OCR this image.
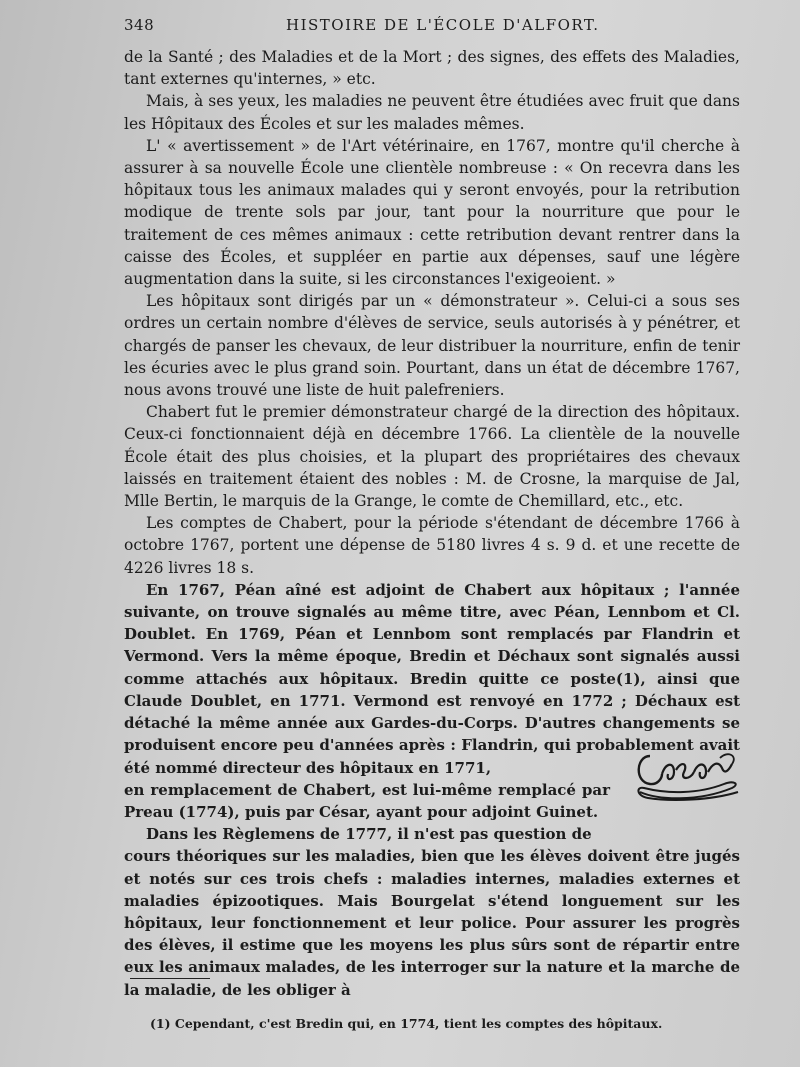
348	HISTOIRE DE L'ÉCOLE D'ALFORT.

de la Santé ; des Maladies et de la Mort ; des signes, des effets des Maladies, tant externes qu'internes, » etc.

Mais, à ses yeux, les maladies ne peuvent être étudiées avec fruit que dans les Hôpitaux des Écoles et sur les malades mêmes.

L' « avertissement » de l'Art vétérinaire, en 1767, montre qu'il cherche à assurer à sa nouvelle École une clientèle nombreuse : « On recevra dans les hôpitaux tous les animaux malades qui y seront envoyés, pour la retribution modique de trente sols par jour, tant pour la nourriture que pour le traitement de ces mêmes animaux : cette retribution devant rentrer dans la caisse des Écoles, et suppléer en partie aux dépenses, sauf une légère augmentation dans la suite, si les circonstances l'exigeoient. »

Les hôpitaux sont dirigés par un « démonstrateur ». Celui-ci a sous ses ordres un certain nombre d'élèves de service, seuls autorisés à y pénétrer, et chargés de panser les chevaux, de leur distribuer la nourriture, enfin de tenir les écuries avec le plus grand soin. Pourtant, dans un état de décembre 1767, nous avons trouvé une liste de huit palefreniers.

Chabert fut le premier démonstrateur chargé de la direction des hôpitaux. Ceux-ci fonctionnaient déjà en décembre 1766. La clientèle de la nouvelle École était des plus choisies, et la plupart des propriétaires des chevaux laissés en traitement étaient des nobles : M. de Crosne, la marquise de Jal, Mlle Bertin, le marquis de la Grange, le comte de Chemillard, etc., etc.

Les comptes de Chabert, pour la période s'étendant de décembre 1766 à octobre 1767, portent une dépense de 5180 livres 4 s. 9 d. et une recette de 4226 livres 18 s.

En 1767, Péan aîné est adjoint de Chabert aux hôpitaux ; l'année suivante, on trouve signalés au même titre, avec Péan, Lennbom et Cl. Doublet. En 1769, Péan et Lennbom sont remplacés par Flandrin et Vermond. Vers la même époque, Bredin et Déchaux sont signalés aussi comme attachés aux hôpitaux. Bredin quitte ce poste(1), ainsi que Claude Doublet, en 1771. Vermond est renvoyé en 1772 ; Déchaux est détaché la même année aux Gardes-du-Corps. D'autres changements se produisent encore peu d'années après : Flandrin, qui probablement avait été nommé directeur des hôpitaux en 1771,

en remplacement de Chabert, est lui-même remplacé par Preau (1774), puis par César, ayant pour adjoint Guinet.

Dans les Règlemens de 1777, il n'est pas question de

cours théoriques sur les maladies, bien que les élèves doivent être jugés et notés sur ces trois chefs : maladies internes, maladies externes et maladies épizootiques. Mais Bourgelat s'étend longuement sur les hôpitaux, leur fonctionnement et leur police. Pour assurer les progrès des élèves, il estime que les moyens les plus sûrs sont de répartir entre eux les animaux malades, de les interroger sur la nature et la marche de la maladie, de les obliger à

(1) Cependant, c'est Bredin qui, en 1774, tient les comptes des hôpitaux.
